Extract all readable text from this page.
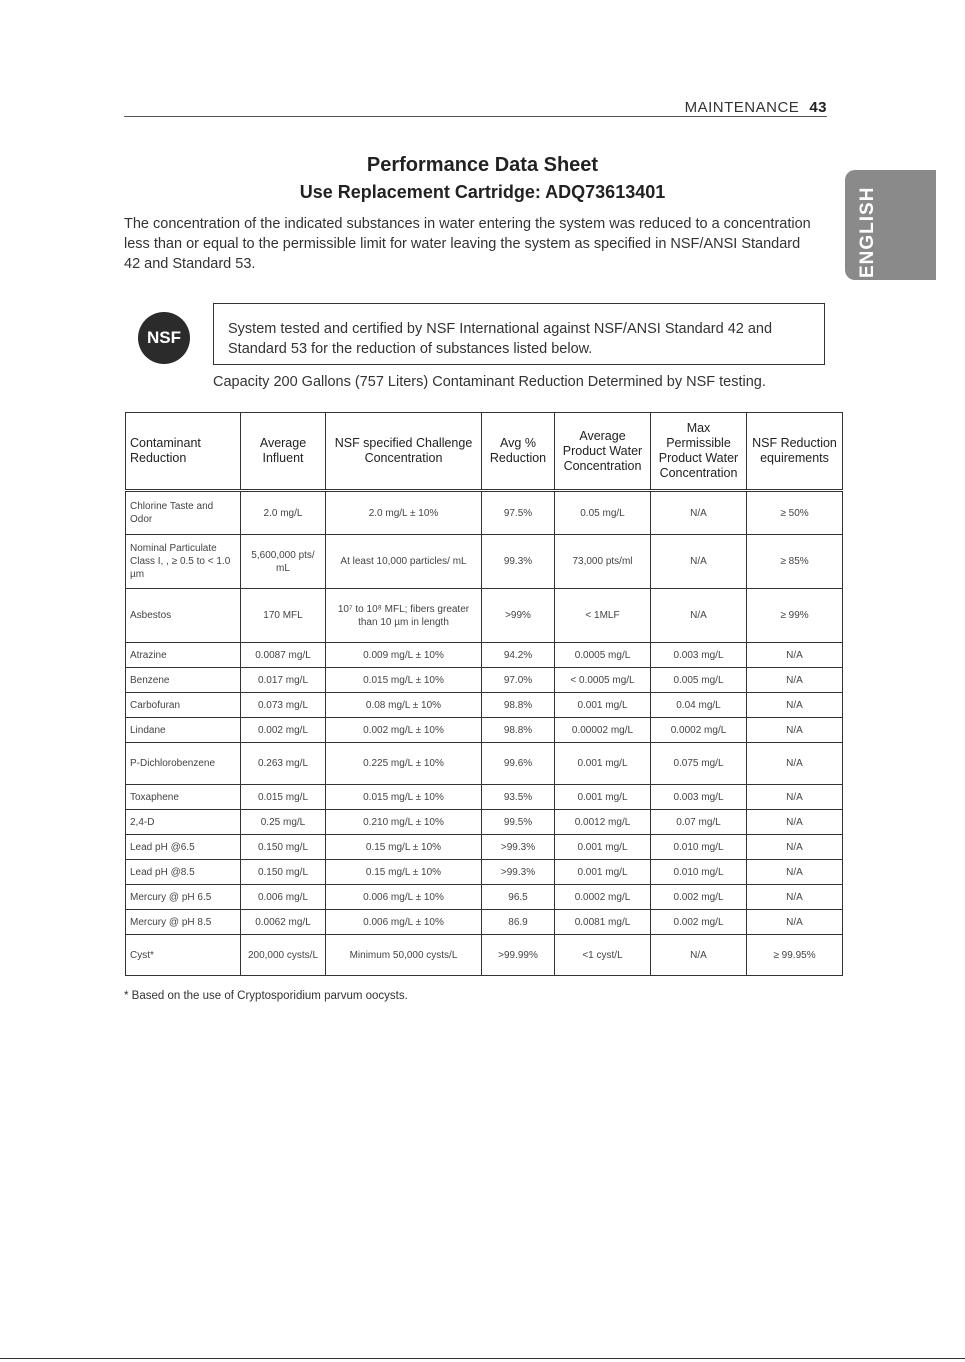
MAINTENANCE 43
ENGLISH
Performance Data Sheet
Use Replacement Cartridge: ADQ73613401
The concentration of the indicated substances in water entering the system was reduced to a concentration less than or equal to the permissible limit for water leaving the system as specified in NSF/ANSI Standard 42 and Standard 53.
NSF	System tested and certified by NSF International against NSF/ANSI Standard 42 and Standard 53 for the reduction of substances listed below.
Capacity 200 Gallons (757 Liters) Contaminant Reduction Determined by NSF testing.
Contaminant Reduction	Average Influent	NSF specified Challenge Concentration	Avg % Reduction	Average Product Water Concentration	Max Permissible Product Water Concentration	NSF Reduction equirements
Chlorine Taste and Odor	2.0 mg/L	2.0 mg/L ± 10%	97.5%	0.05 mg/L	N/A	≥ 50%
Nominal Particulate Class I, , ≥ 0.5 to < 1.0 µm	5,600,000 pts/ mL	At least 10,000 particles/ mL	99.3%	73,000 pts/ml	N/A	≥ 85%
Asbestos	170 MFL	10⁷ to 10⁸ MFL; fibers greater than 10 µm in length	>99%	< 1MLF	N/A	≥ 99%
Atrazine	0.0087 mg/L	0.009 mg/L ± 10%	94.2%	0.0005 mg/L	0.003 mg/L	N/A
Benzene	0.017 mg/L	0.015 mg/L ± 10%	97.0%	< 0.0005 mg/L	0.005 mg/L	N/A
Carbofuran	0.073 mg/L	0.08 mg/L ± 10%	98.8%	0.001 mg/L	0.04 mg/L	N/A
Lindane	0.002 mg/L	0.002 mg/L ± 10%	98.8%	0.00002 mg/L	0.0002 mg/L	N/A
P-Dichlorobenzene	0.263 mg/L	0.225 mg/L ± 10%	99.6%	0.001 mg/L	0.075 mg/L	N/A
Toxaphene	0.015 mg/L	0.015 mg/L ± 10%	93.5%	0.001 mg/L	0.003 mg/L	N/A
2,4-D	0.25 mg/L	0.210 mg/L ± 10%	99.5%	0.0012 mg/L	0.07 mg/L	N/A
Lead pH @6.5	0.150 mg/L	0.15 mg/L ± 10%	>99.3%	0.001 mg/L	0.010 mg/L	N/A
Lead pH @8.5	0.150 mg/L	0.15 mg/L ± 10%	>99.3%	0.001 mg/L	0.010 mg/L	N/A
Mercury @ pH 6.5	0.006 mg/L	0.006 mg/L ± 10%	96.5	0.0002 mg/L	0.002 mg/L	N/A
Mercury @ pH 8.5	0.0062 mg/L	0.006 mg/L ± 10%	86.9	0.0081 mg/L	0.002 mg/L	N/A
Cyst*	200,000 cysts/L	Minimum 50,000 cysts/L	>99.99%	<1 cyst/L	N/A	≥ 99.95%
* Based on the use of Cryptosporidium parvum oocysts.
